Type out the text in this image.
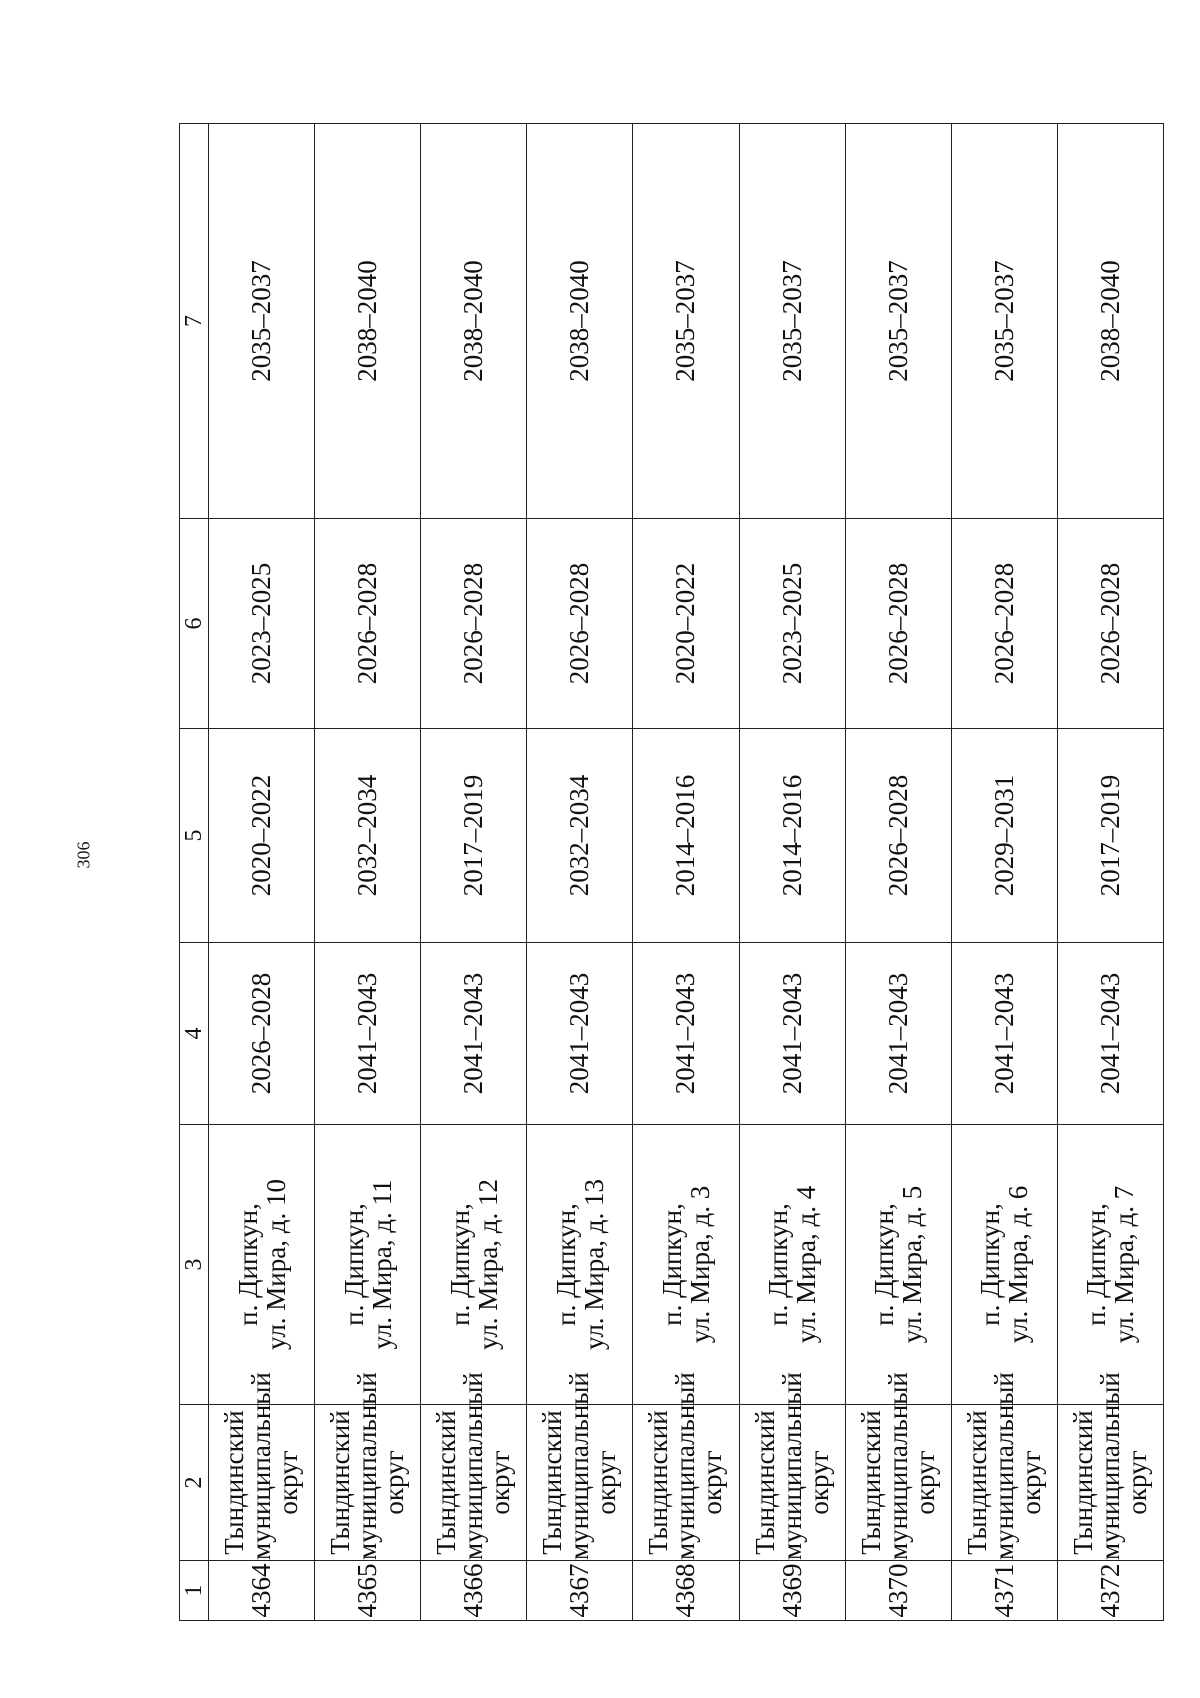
306
1	2	3	4	5	6	7
4364	Тындинский
муниципальный
округ	п. Дипкун,
ул. Мира, д. 10	2026–2028	2020–2022	2023–2025	2035–2037
4365	Тындинский
муниципальный
округ	п. Дипкун,
ул. Мира, д. 11	2041–2043	2032–2034	2026–2028	2038–2040
4366	Тындинский
муниципальный
округ	п. Дипкун,
ул. Мира, д. 12	2041–2043	2017–2019	2026–2028	2038–2040
4367	Тындинский
муниципальный
округ	п. Дипкун,
ул. Мира, д. 13	2041–2043	2032–2034	2026–2028	2038–2040
4368	Тындинский
муниципальный
округ	п. Дипкун,
ул. Мира, д. 3	2041–2043	2014–2016	2020–2022	2035–2037
4369	Тындинский
муниципальный
округ	п. Дипкун,
ул. Мира, д. 4	2041–2043	2014–2016	2023–2025	2035–2037
4370	Тындинский
муниципальный
округ	п. Дипкун,
ул. Мира, д. 5	2041–2043	2026–2028	2026–2028	2035–2037
4371	Тындинский
муниципальный
округ	п. Дипкун,
ул. Мира, д. 6	2041–2043	2029–2031	2026–2028	2035–2037
4372	Тындинский
муниципальный
округ	п. Дипкун,
ул. Мира, д. 7	2041–2043	2017–2019	2026–2028	2038–2040
